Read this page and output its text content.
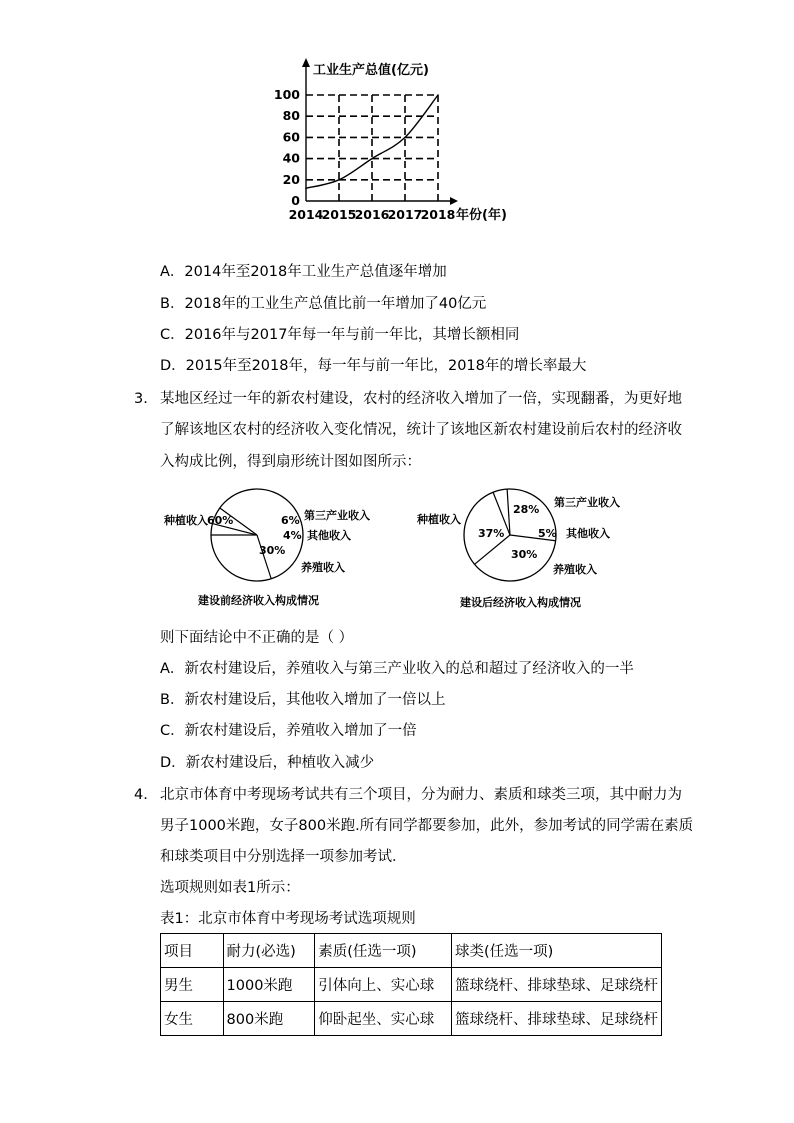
0
20
40
60
80
100
2014
2015
2016
2017
2018
工业生产总值(亿元)
年份(年)
A．2014年至2018年工业生产总值逐年增加
B．2018年的工业生产总值比前一年增加了40亿元
C．2016年与2017年每一年与前一年比，其增长额相同
D．2015年至2018年，每一年与前一年比，2018年的增长率最大
3. 某地区经过一年的新农村建设，农村的经济收入增加了一倍，实现翻番，为更好地
了解该地区农村的经济收入变化情况，统计了该地区新农村建设前后农村的经济收
入构成比例，得到扇形统计图如图所示：
60%	6%
4%
30%
种植收入	第三产业收入
其他收入
养殖收入
建设前经济收入构成情况
28%
5%
30%
37%
第三产业收入
其他收入
养殖收入
种植收入
建设后经济收入构成情况
则下面结论中不正确的是（ ）
A．新农村建设后，养殖收入与第三产业收入的总和超过了经济收入的一半
B．新农村建设后，其他收入增加了一倍以上
C．新农村建设后，养殖收入增加了一倍
D．新农村建设后，种植收入减少
4. 北京市体育中考现场考试共有三个项目，分为耐力、素质和球类三项，其中耐力为
男子1000米跑，女子800米跑.所有同学都要参加，此外，参加考试的同学需在素质
和球类项目中分别选择一项参加考试．
选项规则如表1所示：
表1：北京市体育中考现场考试选项规则
项目	耐力(必选)	素质(任选一项)	球类(任选一项)
男生	1000米跑	引体向上、实心球	篮球绕杆、排球垫球、足球绕杆
女生	800米跑	仰卧起坐、实心球	篮球绕杆、排球垫球、足球绕杆
